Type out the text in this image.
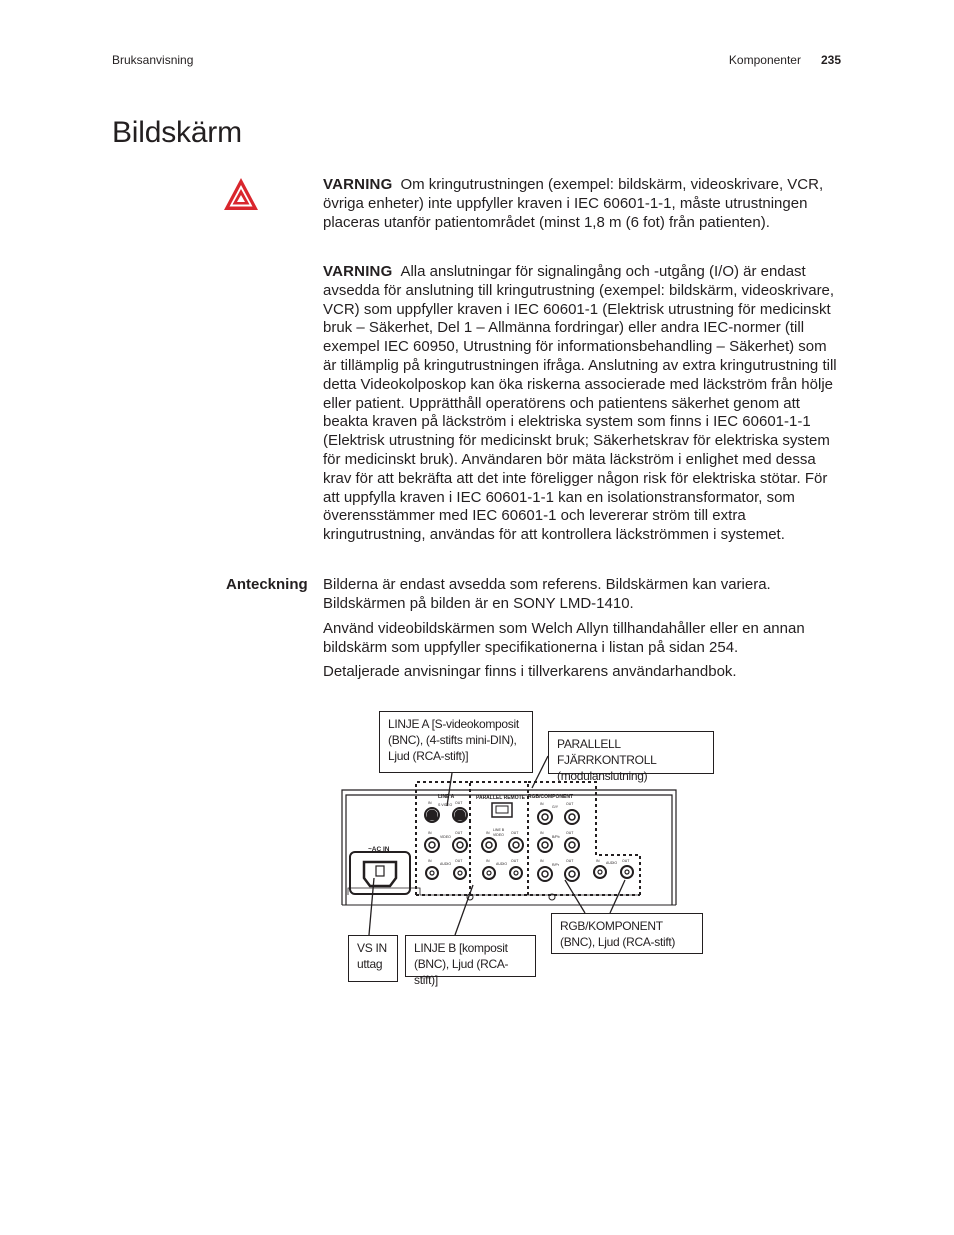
Bruksanvisning	Komponenter 235
Bildskärm

VARNING Om kringutrustningen (exempel: bildskärm, videoskrivare, VCR, övriga enheter) inte uppfyller kraven i IEC 60601-1-1, måste utrustningen placeras utanför patientområdet (minst 1,8 m (6 fot) från patienten).

VARNING Alla anslutningar för signalingång och -utgång (I/O) är endast avsedda för anslutning till kringutrustning (exempel: bildskärm, videoskrivare, VCR) som uppfyller kraven i IEC 60601-1 (Elektrisk utrustning för medicinskt bruk – Säkerhet, Del 1 – Allmänna fordringar) eller andra IEC-normer (till exempel IEC 60950, Utrustning för informationsbehandling – Säkerhet) som är tillämplig på kringutrustningen ifråga. Anslutning av extra kringutrustning till detta Videokolposkop kan öka riskerna associerade med läckström från hölje eller patient. Upprätthåll operatörens och patientens säkerhet genom att beakta kraven på läckström i elektriska system som finns i IEC 60601-1-1 (Elektrisk utrustning för medicinskt bruk; Säkerhetskrav för elektriska system för medicinskt bruk). Användaren bör mäta läckström i enlighet med dessa krav för att bekräfta att det inte föreligger någon risk för elektriska stötar. För att uppfylla kraven i IEC 60601-1-1 kan en isolationstransformator, som överensstämmer med IEC 60601-1 och levererar ström till extra kringutrustning, användas för att kontrollera läckströmmen i systemet.

Anteckning Bilderna är endast avsedda som referens. Bildskärmen kan variera. Bildskärmen på bilden är en SONY LMD-1410.
Använd videobildskärmen som Welch Allyn tillhandahåller eller en annan bildskärm som uppfyller specifikationerna i listan på sidan 254.
Detaljerade anvisningar finns i tillverkarens användarhandbok.
~AC IN
LINE A	PARALLEL REMOTE RGB/COMPONENT
S VIDEO
VIDEO
AUDIO
LINE B
VIDEO
AUDIO
G/Y
B/Pb
R/Pr	AUDIO
IN	OUT
IN	OUT
IN	OUT
IN	OUT
IN	OUT
IN	OUT
IN	OUT
IN	OUT	IN	OUT
LINJE A [S-videokomposit (BNC), (4-stifts mini-DIN), Ljud (RCA-stift)]
PARALLELL FJÄRRKONTROLL (modulanslutning)
RGB/KOMPONENT (BNC), Ljud (RCA-stift)
VS IN uttag
LINJE B [komposit (BNC), Ljud (RCA-stift)]
